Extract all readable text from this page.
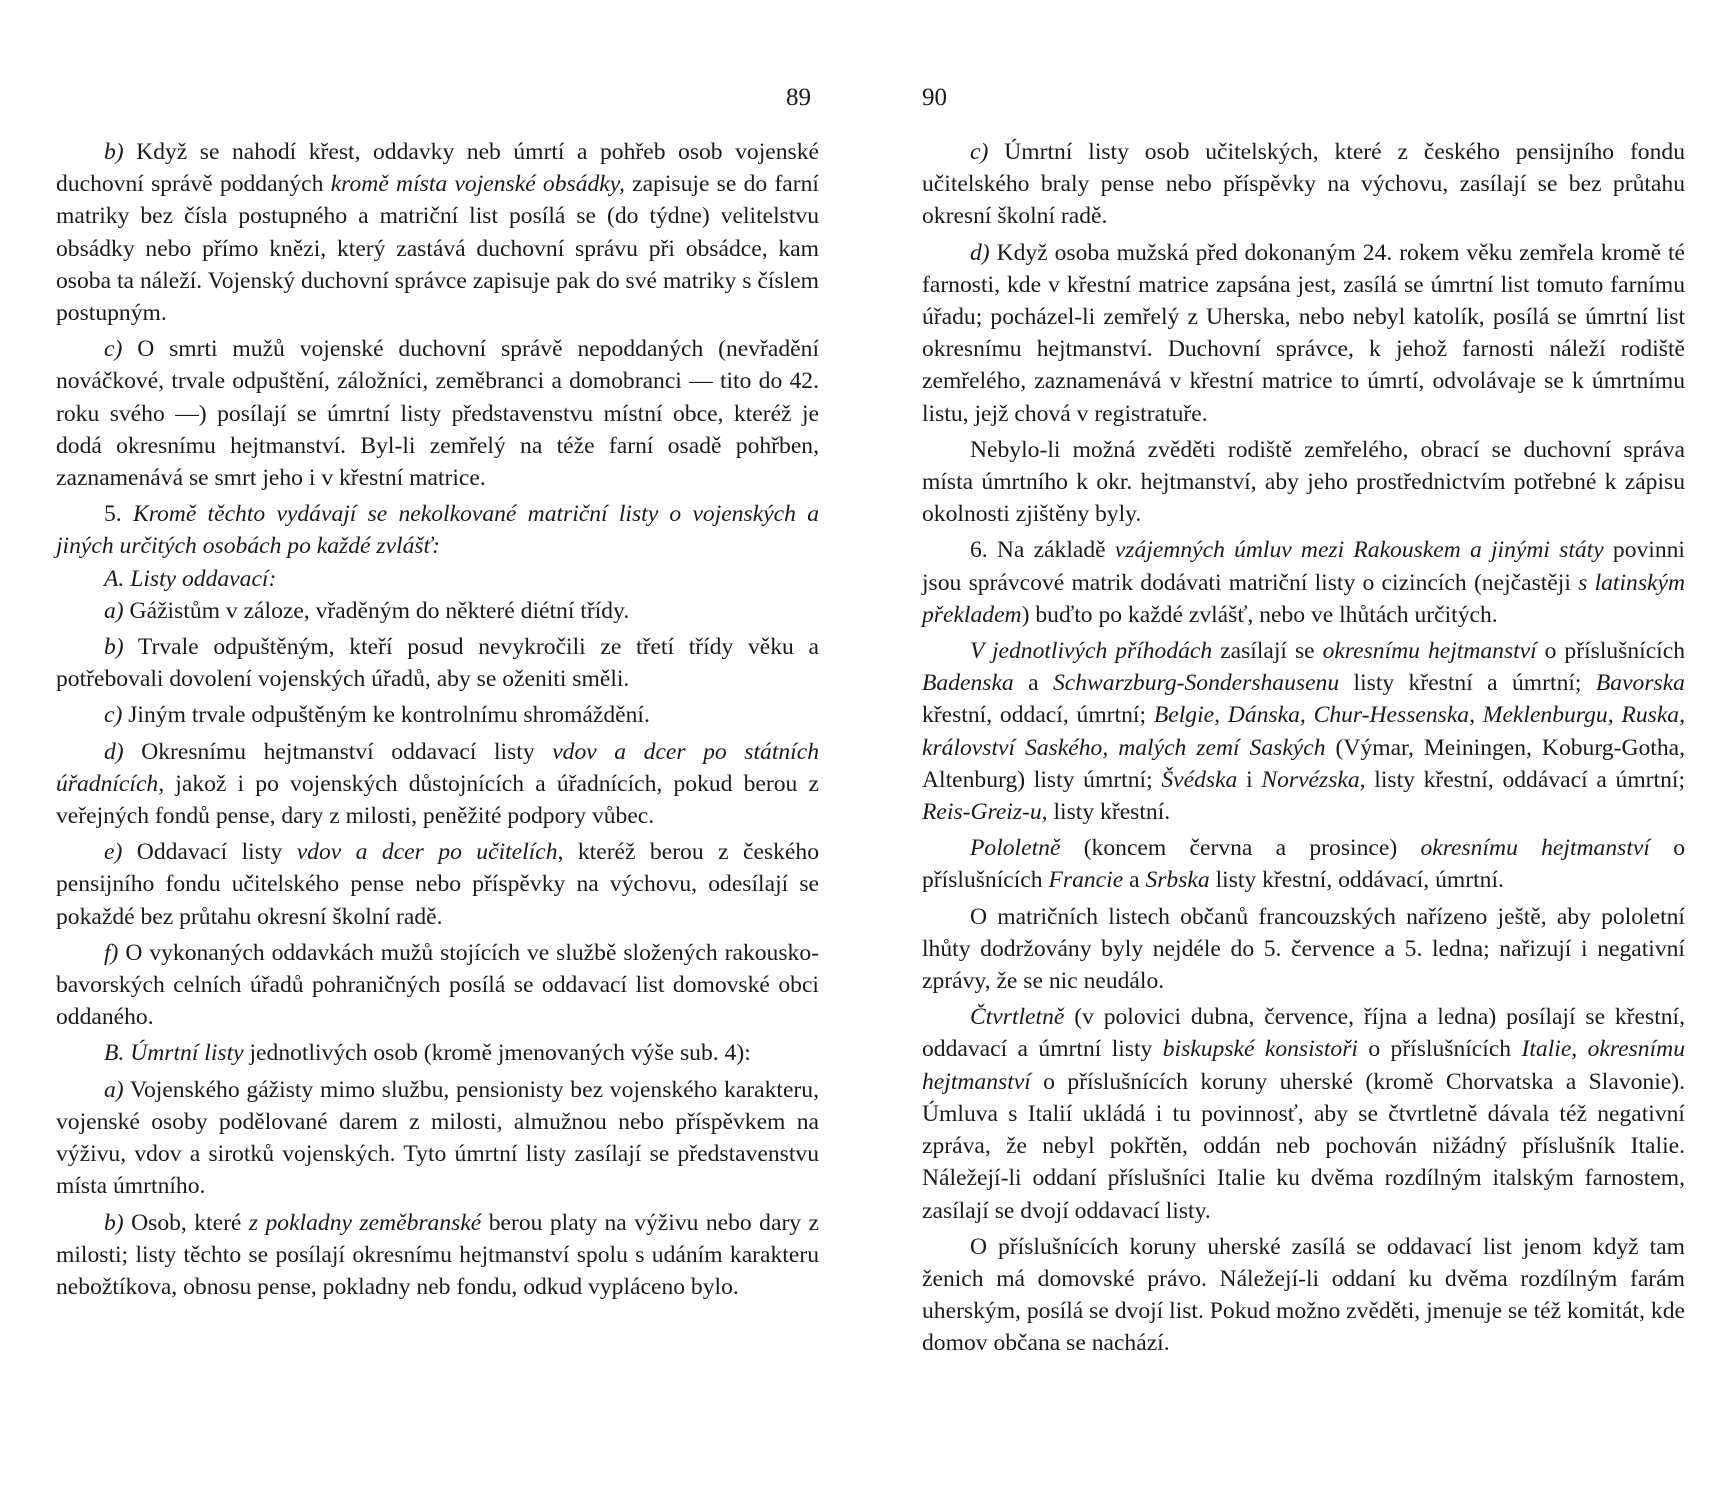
89

b) Když se nahodí křest, oddavky neb úmrtí a pohřeb osob vojenské duchovní správě poddaných kromě místa vojenské obsádky, zapisuje se do farní matriky bez čísla postupného a matriční list posílá se (do týdne) velitelstvu obsádky nebo přímo knězi, který zastává duchovní správu při obsádce, kam osoba ta náleží. Vojenský duchovní správce zapisuje pak do své matriky s číslem postupným.

c) O smrti mužů vojenské duchovní správě nepoddaných (nevřadění nováčkové, trvale odpuštění, záložníci, zeměbranci a domobranci — tito do 42. roku svého —) posílají se úmrtní listy představenstvu místní obce, kteréž je dodá okresnímu hejtmanství. Byl-li zemřelý na téže farní osadě pohřben, zaznamenává se smrt jeho i v křestní matrice.

5. Kromě těchto vydávají se nekolkované matriční listy o vojenských a jiných určitých osobách po každé zvlášť:

A. Listy oddavací:

a) Gážistům v záloze, vřaděným do některé diétní třídy.

b) Trvale odpuštěným, kteří posud nevykročili ze třetí třídy věku a potřebovali dovolení vojenských úřadů, aby se oženiti směli.

c) Jiným trvale odpuštěným ke kontrolnímu shromáždění.

d) Okresnímu hejtmanství oddavací listy vdov a dcer po státních úřadnících, jakož i po vojenských důstojnících a úřadnících, pokud berou z veřejných fondů pense, dary z milosti, peněžité podpory vůbec.

e) Oddavací listy vdov a dcer po učitelích, kteréž berou z českého pensijního fondu učitelského pense nebo příspěvky na výchovu, odesílají se pokaždé bez průtahu okresní školní radě.

f) O vykonaných oddavkách mužů stojících ve službě složených rakousko-bavorských celních úřadů pohraničných posílá se oddavací list domovské obci oddaného.

B. Úmrtní listy jednotlivých osob (kromě jmenovaných výše sub. 4):

a) Vojenského gážisty mimo službu, pensionisty bez vojenského karakteru, vojenské osoby podělované darem z milosti, almužnou nebo příspěvkem na výživu, vdov a sirotků vojenských. Tyto úmrtní listy zasílají se představenstvu místa úmrtního.

b) Osob, které z pokladny zeměbranské berou platy na výživu nebo dary z milosti; listy těchto se posílají okresnímu hejtmanství spolu s udáním karakteru nebožtíkova, obnosu pense, pokladny neb fondu, odkud vypláceno bylo.

90

c) Úmrtní listy osob učitelských, které z českého pensijního fondu učitelského braly pense nebo příspěvky na výchovu, zasílají se bez průtahu okresní školní radě.

d) Když osoba mužská před dokonaným 24. rokem věku zemřela kromě té farnosti, kde v křestní matrice zapsána jest, zasílá se úmrtní list tomuto farnímu úřadu; pocházel-li zemřelý z Uherska, nebo nebyl katolík, posílá se úmrtní list okresnímu hejtmanství. Duchovní správce, k jehož farnosti náleží rodiště zemřelého, zaznamenává v křestní matrice to úmrtí, odvolávaje se k úmrtnímu listu, jejž chová v registratuře.

Nebylo-li možná zvěděti rodiště zemřelého, obrací se duchovní správa místa úmrtního k okr. hejtmanství, aby jeho prostřednictvím potřebné k zápisu okolnosti zjištěny byly.

6. Na základě vzájemných úmluv mezi Rakouskem a jinými státy povinni jsou správcové matrik dodávati matriční listy o cizincích (nejčastěji s latinským překladem) buďto po každé zvlášť, nebo ve lhůtách určitých.

V jednotlivých příhodách zasílají se okresnímu hejtmanství o příslušnících Badenska a Schwarzburg-Sondershausenu listy křestní a úmrtní; Bavorska křestní, oddací, úmrtní; Belgie, Dánska, Chur-Hessenska, Meklenburgu, Ruska, království Saského, malých zemí Saských (Výmar, Meiningen, Koburg-Gotha, Altenburg) listy úmrtní; Švédska i Norvézska, listy křestní, oddávací a úmrtní; Reis-Greiz-u, listy křestní.

Pololetně (koncem června a prosince) okresnímu hejtmanství o příslušnících Francie a Srbska listy křestní, oddávací, úmrtní.

O matričních listech občanů francouzských nařízeno ještě, aby pololetní lhůty dodržovány byly nejdéle do 5. července a 5. ledna; nařizují i negativní zprávy, že se nic neudálo.

Čtvrtletně (v polovici dubna, července, října a ledna) posílají se křestní, oddavací a úmrtní listy biskupské konsistoři o příslušnících Italie, okresnímu hejtmanství o příslušnících koruny uherské (kromě Chorvatska a Slavonie). Úmluva s Italií ukládá i tu povinnosť, aby se čtvrtletně dávala též negativní zpráva, že nebyl pokřtěn, oddán neb pochován nižádný příslušník Italie. Náležejí-li oddaní příslušníci Italie ku dvěma rozdílným italským farnostem, zasílají se dvojí oddavací listy.

O příslušnících koruny uherské zasílá se oddavací list jenom když tam ženich má domovské právo. Náležejí-li oddaní ku dvěma rozdílným farám uherským, posílá se dvojí list. Pokud možno zvěděti, jmenuje se též komitát, kde domov občana se nachází.
